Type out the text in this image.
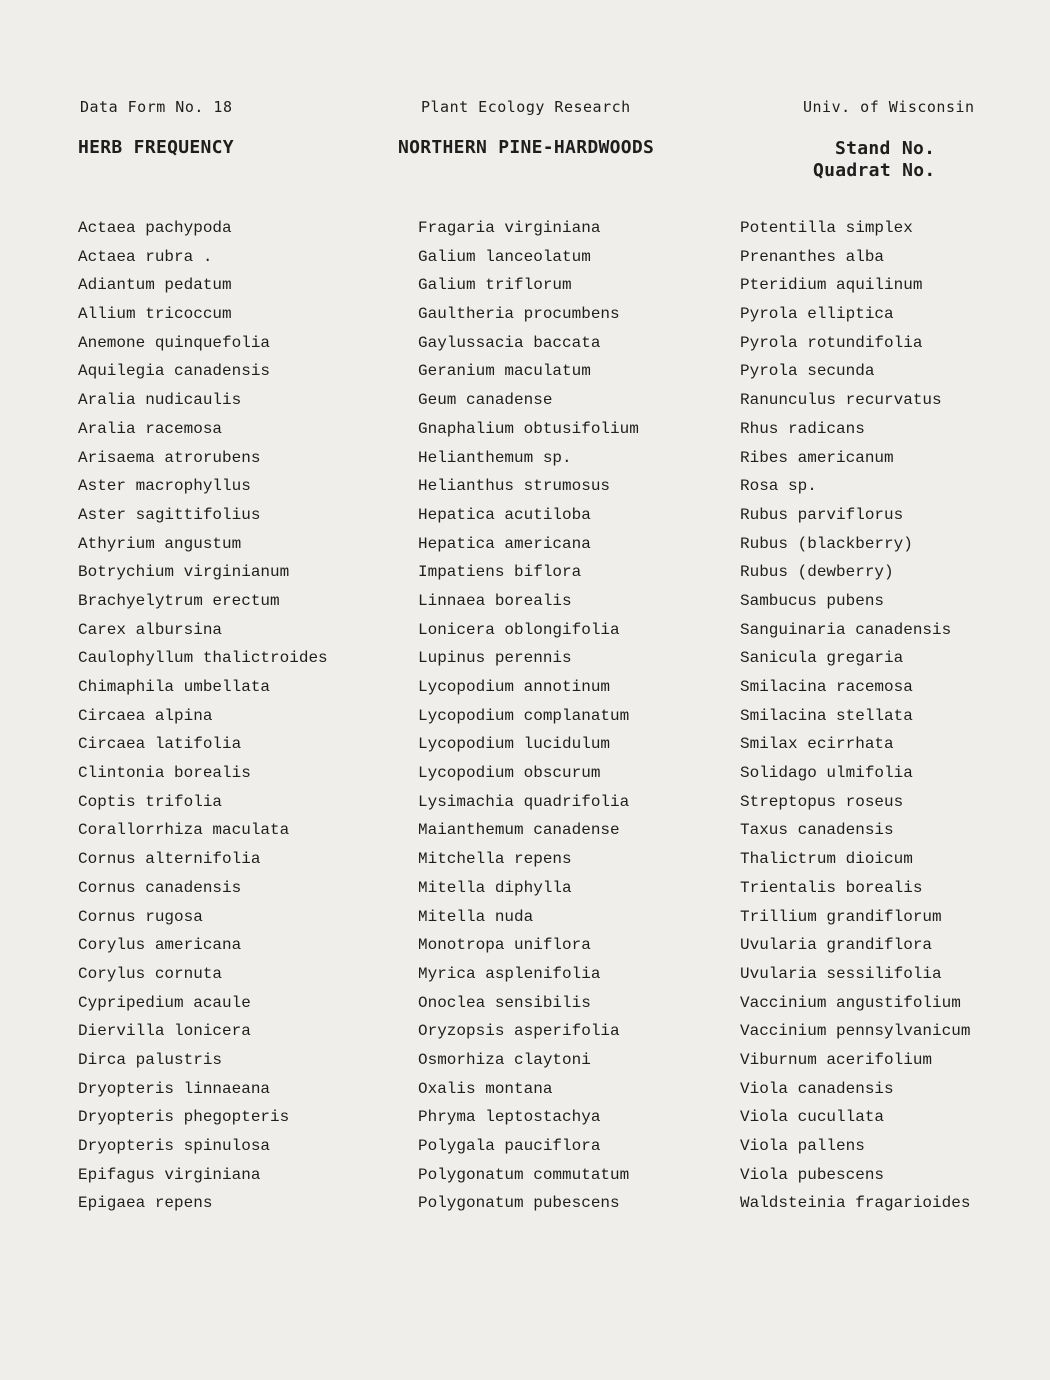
Data Form No. 18	Plant Ecology Research	Univ. of Wisconsin
HERB FREQUENCY	NORTHERN PINE-HARDWOODS	Stand No.
Quadrat No.
Actaea pachypoda
Actaea rubra .
Adiantum pedatum
Allium tricoccum
Anemone quinquefolia
Aquilegia canadensis
Aralia nudicaulis
Aralia racemosa
Arisaema atrorubens
Aster macrophyllus
Aster sagittifolius
Athyrium angustum
Botrychium virginianum
Brachyelytrum erectum
Carex albursina
Caulophyllum thalictroides
Chimaphila umbellata
Circaea alpina
Circaea latifolia
Clintonia borealis
Coptis trifolia
Corallorrhiza maculata
Cornus alternifolia
Cornus canadensis
Cornus rugosa
Corylus americana
Corylus cornuta
Cypripedium acaule
Diervilla lonicera
Dirca palustris
Dryopteris linnaeana
Dryopteris phegopteris
Dryopteris spinulosa
Epifagus virginiana
Epigaea repens
Fragaria virginiana
Galium lanceolatum
Galium triflorum
Gaultheria procumbens
Gaylussacia baccata
Geranium maculatum
Geum canadense
Gnaphalium obtusifolium
Helianthemum sp.
Helianthus strumosus
Hepatica acutiloba
Hepatica americana
Impatiens biflora
Linnaea borealis
Lonicera oblongifolia
Lupinus perennis
Lycopodium annotinum
Lycopodium complanatum
Lycopodium lucidulum
Lycopodium obscurum
Lysimachia quadrifolia
Maianthemum canadense
Mitchella repens
Mitella diphylla
Mitella nuda
Monotropa uniflora
Myrica asplenifolia
Onoclea sensibilis
Oryzopsis asperifolia
Osmorhiza claytoni
Oxalis montana
Phryma leptostachya
Polygala pauciflora
Polygonatum commutatum
Polygonatum pubescens
Potentilla simplex
Prenanthes alba
Pteridium aquilinum
Pyrola elliptica
Pyrola rotundifolia
Pyrola secunda
Ranunculus recurvatus
Rhus radicans
Ribes americanum
Rosa sp.
Rubus parviflorus
Rubus (blackberry)
Rubus (dewberry)
Sambucus pubens
Sanguinaria canadensis
Sanicula gregaria
Smilacina racemosa
Smilacina stellata
Smilax ecirrhata
Solidago ulmifolia
Streptopus roseus
Taxus canadensis
Thalictrum dioicum
Trientalis borealis
Trillium grandiflorum
Uvularia grandiflora
Uvularia sessilifolia
Vaccinium angustifolium
Vaccinium pennsylvanicum
Viburnum acerifolium
Viola canadensis
Viola cucullata
Viola pallens
Viola pubescens
Waldsteinia fragarioides
